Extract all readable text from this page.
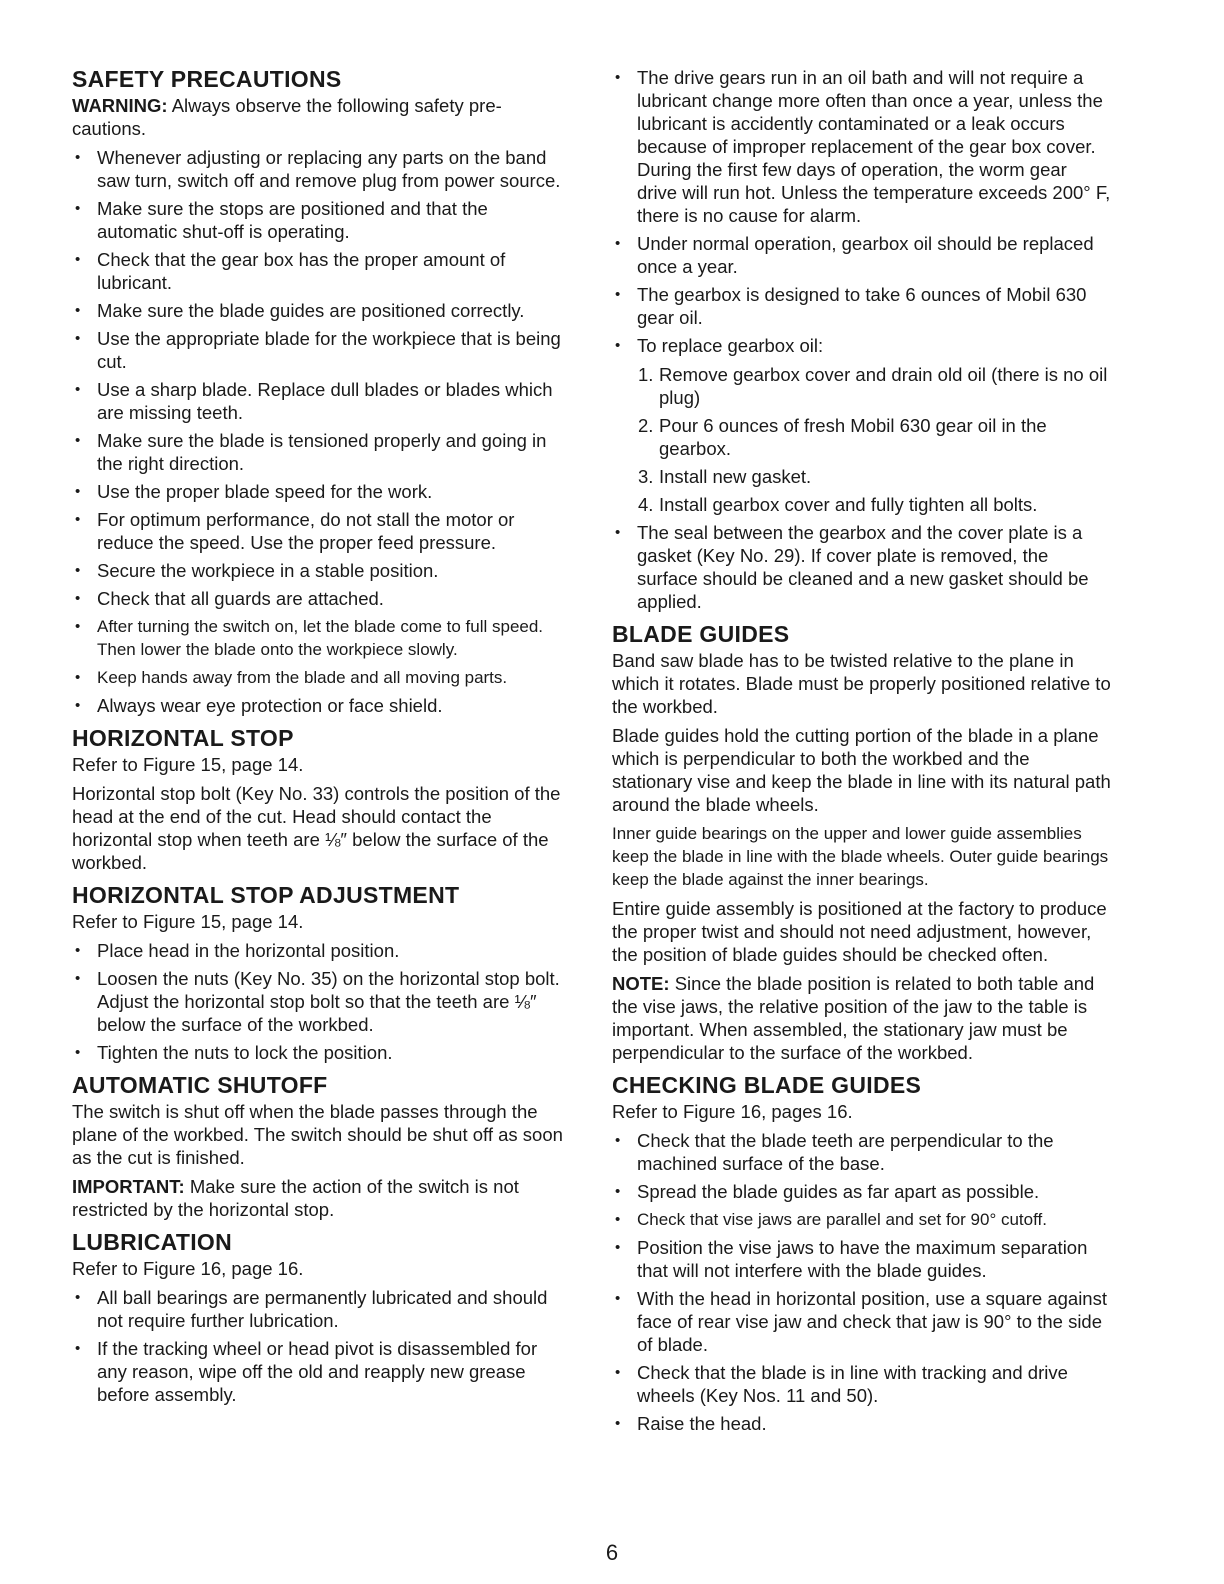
SAFETY PRECAUTIONS

WARNING: Always observe the following safety pre-cautions.

• Whenever adjusting or replacing any parts on the band saw turn, switch off and remove plug from power source.
• Make sure the stops are positioned and that the automatic shut-off is operating.
• Check that the gear box has the proper amount of lubricant.
• Make sure the blade guides are positioned correctly.
• Use the appropriate blade for the workpiece that is being cut.
• Use a sharp blade. Replace dull blades or blades which are missing teeth.
• Make sure the blade is tensioned properly and going in the right direction.
• Use the proper blade speed for the work.
• For optimum performance, do not stall the motor or reduce the speed. Use the proper feed pressure.
• Secure the workpiece in a stable position.
• Check that all guards are attached.
• After turning the switch on, let the blade come to full speed. Then lower the blade onto the workpiece slowly.
• Keep hands away from the blade and all moving parts.
• Always wear eye protection or face shield.
HORIZONTAL STOP

Refer to Figure 15, page 14.

Horizontal stop bolt (Key No. 33) controls the position of the head at the end of the cut. Head should contact the horizontal stop when teeth are ⅛″ below the surface of the workbed.

HORIZONTAL STOP ADJUSTMENT

Refer to Figure 15, page 14.

• Place head in the horizontal position.
• Loosen the nuts (Key No. 35) on the horizontal stop bolt. Adjust the horizontal stop bolt so that the teeth are ⅛″ below the surface of the workbed.
• Tighten the nuts to lock the position.
AUTOMATIC SHUTOFF

The switch is shut off when the blade passes through the plane of the workbed. The switch should be shut off as soon as the cut is finished.

IMPORTANT: Make sure the action of the switch is not restricted by the horizontal stop.

LUBRICATION

Refer to Figure 16, page 16.

• All ball bearings are permanently lubricated and should not require further lubrication.
• If the tracking wheel or head pivot is disassembled for any reason, wipe off the old and reapply new grease before assembly.
• The drive gears run in an oil bath and will not require a lubricant change more often than once a year, unless the lubricant is accidently contaminated or a leak occurs because of improper replacement of the gear box cover. During the first few days of operation, the worm gear drive will run hot. Unless the temperature exceeds 200° F, there is no cause for alarm.
• Under normal operation, gearbox oil should be replaced once a year.
• The gearbox is designed to take 6 ounces of Mobil 630 gear oil.
• To replace gearbox oil:
1. Remove gearbox cover and drain old oil (there is no oil plug)
2. Pour 6 ounces of fresh Mobil 630 gear oil in the gearbox.
3. Install new gasket.
4. Install gearbox cover and fully tighten all bolts.
• The seal between the gearbox and the cover plate is a gasket (Key No. 29). If cover plate is removed, the surface should be cleaned and a new gasket should be applied.
BLADE GUIDES

Band saw blade has to be twisted relative to the plane in which it rotates. Blade must be properly positioned relative to the workbed.

Blade guides hold the cutting portion of the blade in a plane which is perpendicular to both the workbed and the stationary vise and keep the blade in line with its natural path around the blade wheels.

Inner guide bearings on the upper and lower guide assemblies keep the blade in line with the blade wheels. Outer guide bearings keep the blade against the inner bearings.

Entire guide assembly is positioned at the factory to produce the proper twist and should not need adjustment, however, the position of blade guides should be checked often.

NOTE: Since the blade position is related to both table and the vise jaws, the relative position of the jaw to the table is important. When assembled, the stationary jaw must be perpendicular to the surface of the workbed.

CHECKING BLADE GUIDES

Refer to Figure 16, pages 16.

• Check that the blade teeth are perpendicular to the machined surface of the base.
• Spread the blade guides as far apart as possible.
• Check that vise jaws are parallel and set for 90° cutoff.
• Position the vise jaws to have the maximum separation that will not interfere with the blade guides.
• With the head in horizontal position, use a square against face of rear vise jaw and check that jaw is 90° to the side of blade.
• Check that the blade is in line with tracking and drive wheels (Key Nos. 11 and 50).
• Raise the head.
6
